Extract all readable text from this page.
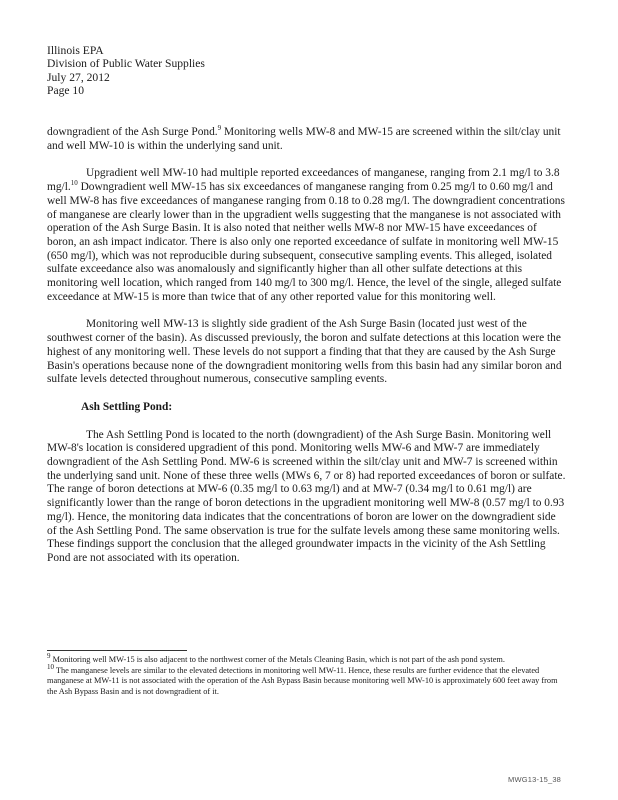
Illinois EPA
Division of Public Water Supplies
July 27, 2012
Page 10

downgradient of the Ash Surge Pond.$^9$ Monitoring wells MW-8 and MW-15 are screened within the silt/clay unit and well MW-10 is within the underlying sand unit.

Upgradient well MW-10 had multiple reported exceedances of manganese, ranging from 2.1 mg/l to 3.8 mg/l.$^{10}$ Downgradient well MW-15 has six exceedances of manganese ranging from 0.25 mg/l to 0.60 mg/l and well MW-8 has five exceedances of manganese ranging from 0.18 to 0.28 mg/l. The downgradient concentrations of manganese are clearly lower than in the upgradient wells suggesting that the manganese is not associated with operation of the Ash Surge Basin. It is also noted that neither wells MW-8 nor MW-15 have exceedances of boron, an ash impact indicator. There is also only one reported exceedance of sulfate in monitoring well MW-15 (650 mg/l), which was not reproducible during subsequent, consecutive sampling events. This alleged, isolated sulfate exceedance also was anomalously and significantly higher than all other sulfate detections at this monitoring well location, which ranged from 140 mg/l to 300 mg/l. Hence, the level of the single, alleged sulfate exceedance at MW-15 is more than twice that of any other reported value for this monitoring well.

Monitoring well MW-13 is slightly side gradient of the Ash Surge Basin (located just west of the southwest corner of the basin). As discussed previously, the boron and sulfate detections at this location were the highest of any monitoring well. These levels do not support a finding that that they are caused by the Ash Surge Basin's operations because none of the downgradient monitoring wells from this basin had any similar boron and sulfate levels detected throughout numerous, consecutive sampling events.

Ash Settling Pond:

The Ash Settling Pond is located to the north (downgradient) of the Ash Surge Basin. Monitoring well MW-8's location is considered upgradient of this pond. Monitoring wells MW-6 and MW-7 are immediately downgradient of the Ash Settling Pond. MW-6 is screened within the silt/clay unit and MW-7 is screened within the underlying sand unit. None of these three wells (MWs 6, 7 or 8) had reported exceedances of boron or sulfate. The range of boron detections at MW-6 (0.35 mg/l to 0.63 mg/l) and at MW-7 (0.34 mg/l to 0.61 mg/l) are significantly lower than the range of boron detections in the upgradient monitoring well MW-8 (0.57 mg/l to 0.93 mg/l). Hence, the monitoring data indicates that the concentrations of boron are lower on the downgradient side of the Ash Settling Pond. The same observation is true for the sulfate levels among these same monitoring wells. These findings support the conclusion that the alleged groundwater impacts in the vicinity of the Ash Settling Pond are not associated with its operation.

$^9$ Monitoring well MW-15 is also adjacent to the northwest corner of the Metals Cleaning Basin, which is not part of the ash pond system.

$^{10}$ The manganese levels are similar to the elevated detections in monitoring well MW-11. Hence, these results are further evidence that the elevated manganese at MW-11 is not associated with the operation of the Ash Bypass Basin because monitoring well MW-10 is approximately 600 feet away from the Ash Bypass Basin and is not downgradient of it.

MWG13-15_38
